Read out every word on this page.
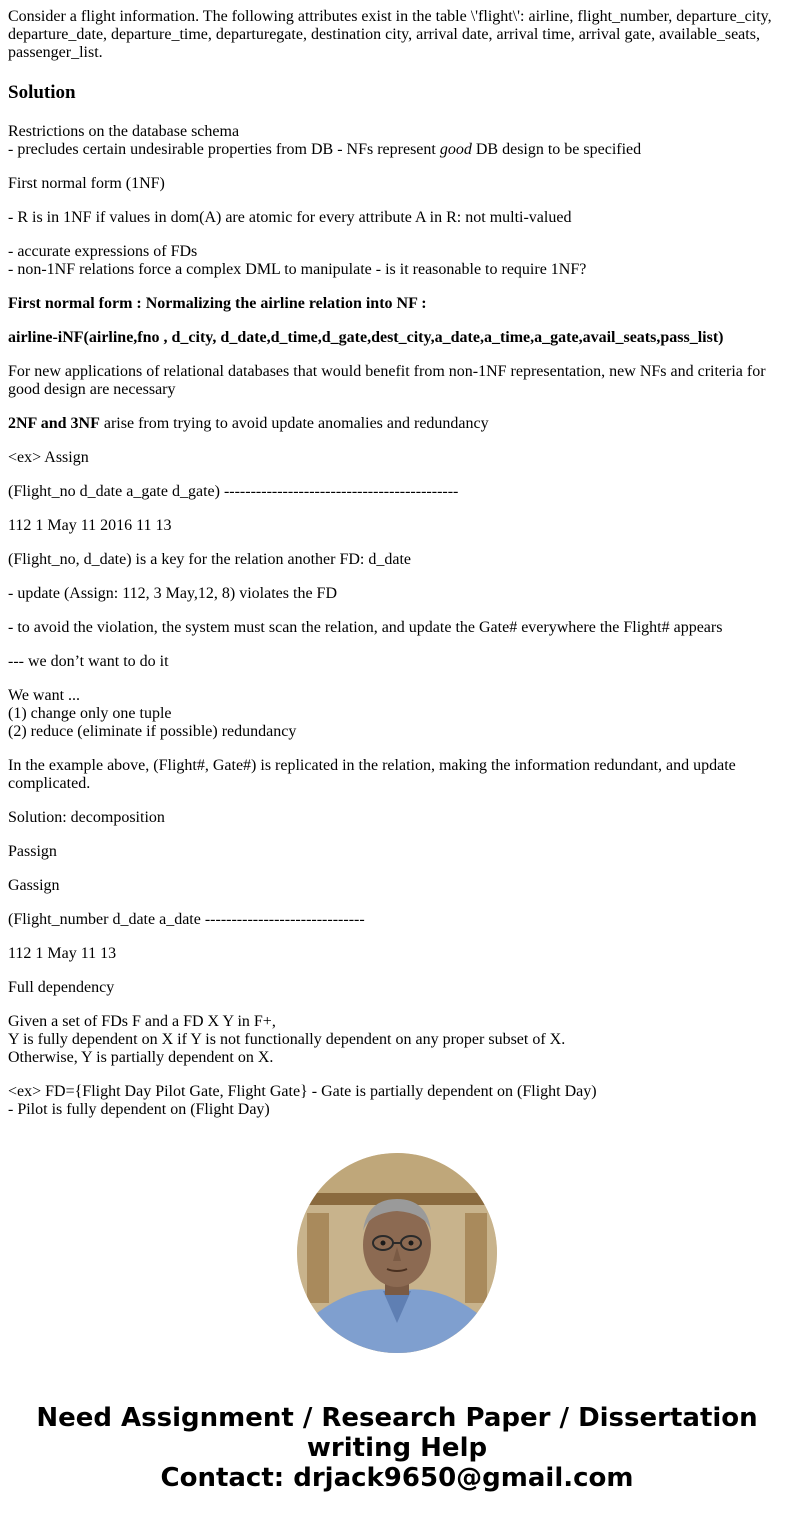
Consider a flight information. The following attributes exist in the table \'flight\': airline, flight_number, departure_city, departure_date, departure_time, departuregate, destination city, arrival date, arrival time, arrival gate, available_seats, passenger_list.
Solution

Restrictions on the database schema
- precludes certain undesirable properties from DB - NFs represent good DB design to be specified

First normal form (1NF)

- R is in 1NF if values in dom(A) are atomic for every attribute A in R: not multi-valued

- accurate expressions of FDs
- non-1NF relations force a complex DML to manipulate - is it reasonable to require 1NF?

First normal form : Normalizing the airline relation into NF :

airline-iNF(airline,fno , d_city, d_date,d_time,d_gate,dest_city,a_date,a_time,a_gate,avail_seats,pass_list)

For new applications of relational databases that would benefit from non-1NF representation, new NFs and criteria for good design are necessary

2NF and 3NF arise from trying to avoid update anomalies and redundancy

<ex> Assign

(Flight_no d_date a_gate d_gate) --------------------------------------------

112 1 May 11 2016 11 13

(Flight_no, d_date) is a key for the relation another FD: d_date

- update (Assign: 112, 3 May,12, 8) violates the FD

- to avoid the violation, the system must scan the relation, and update the Gate# everywhere the Flight# appears

--- we don’t want to do it

We want ...
(1) change only one tuple
(2) reduce (eliminate if possible) redundancy

In the example above, (Flight#, Gate#) is replicated in the relation, making the information redundant, and update complicated.

Solution: decomposition

Passign

Gassign

(Flight_number d_date a_date ------------------------------

112 1 May 11 13

Full dependency

Given a set of FDs F and a FD X Y in F+,
Y is fully dependent on X if Y is not functionally dependent on any proper subset of X.
Otherwise, Y is partially dependent on X.

<ex> FD={Flight Day Pilot Gate, Flight Gate} - Gate is partially dependent on (Flight Day)
- Pilot is fully dependent on (Flight Day)

Need Assignment / Research Paper / Dissertation
writing Help
Contact: drjack9650@gmail.com
